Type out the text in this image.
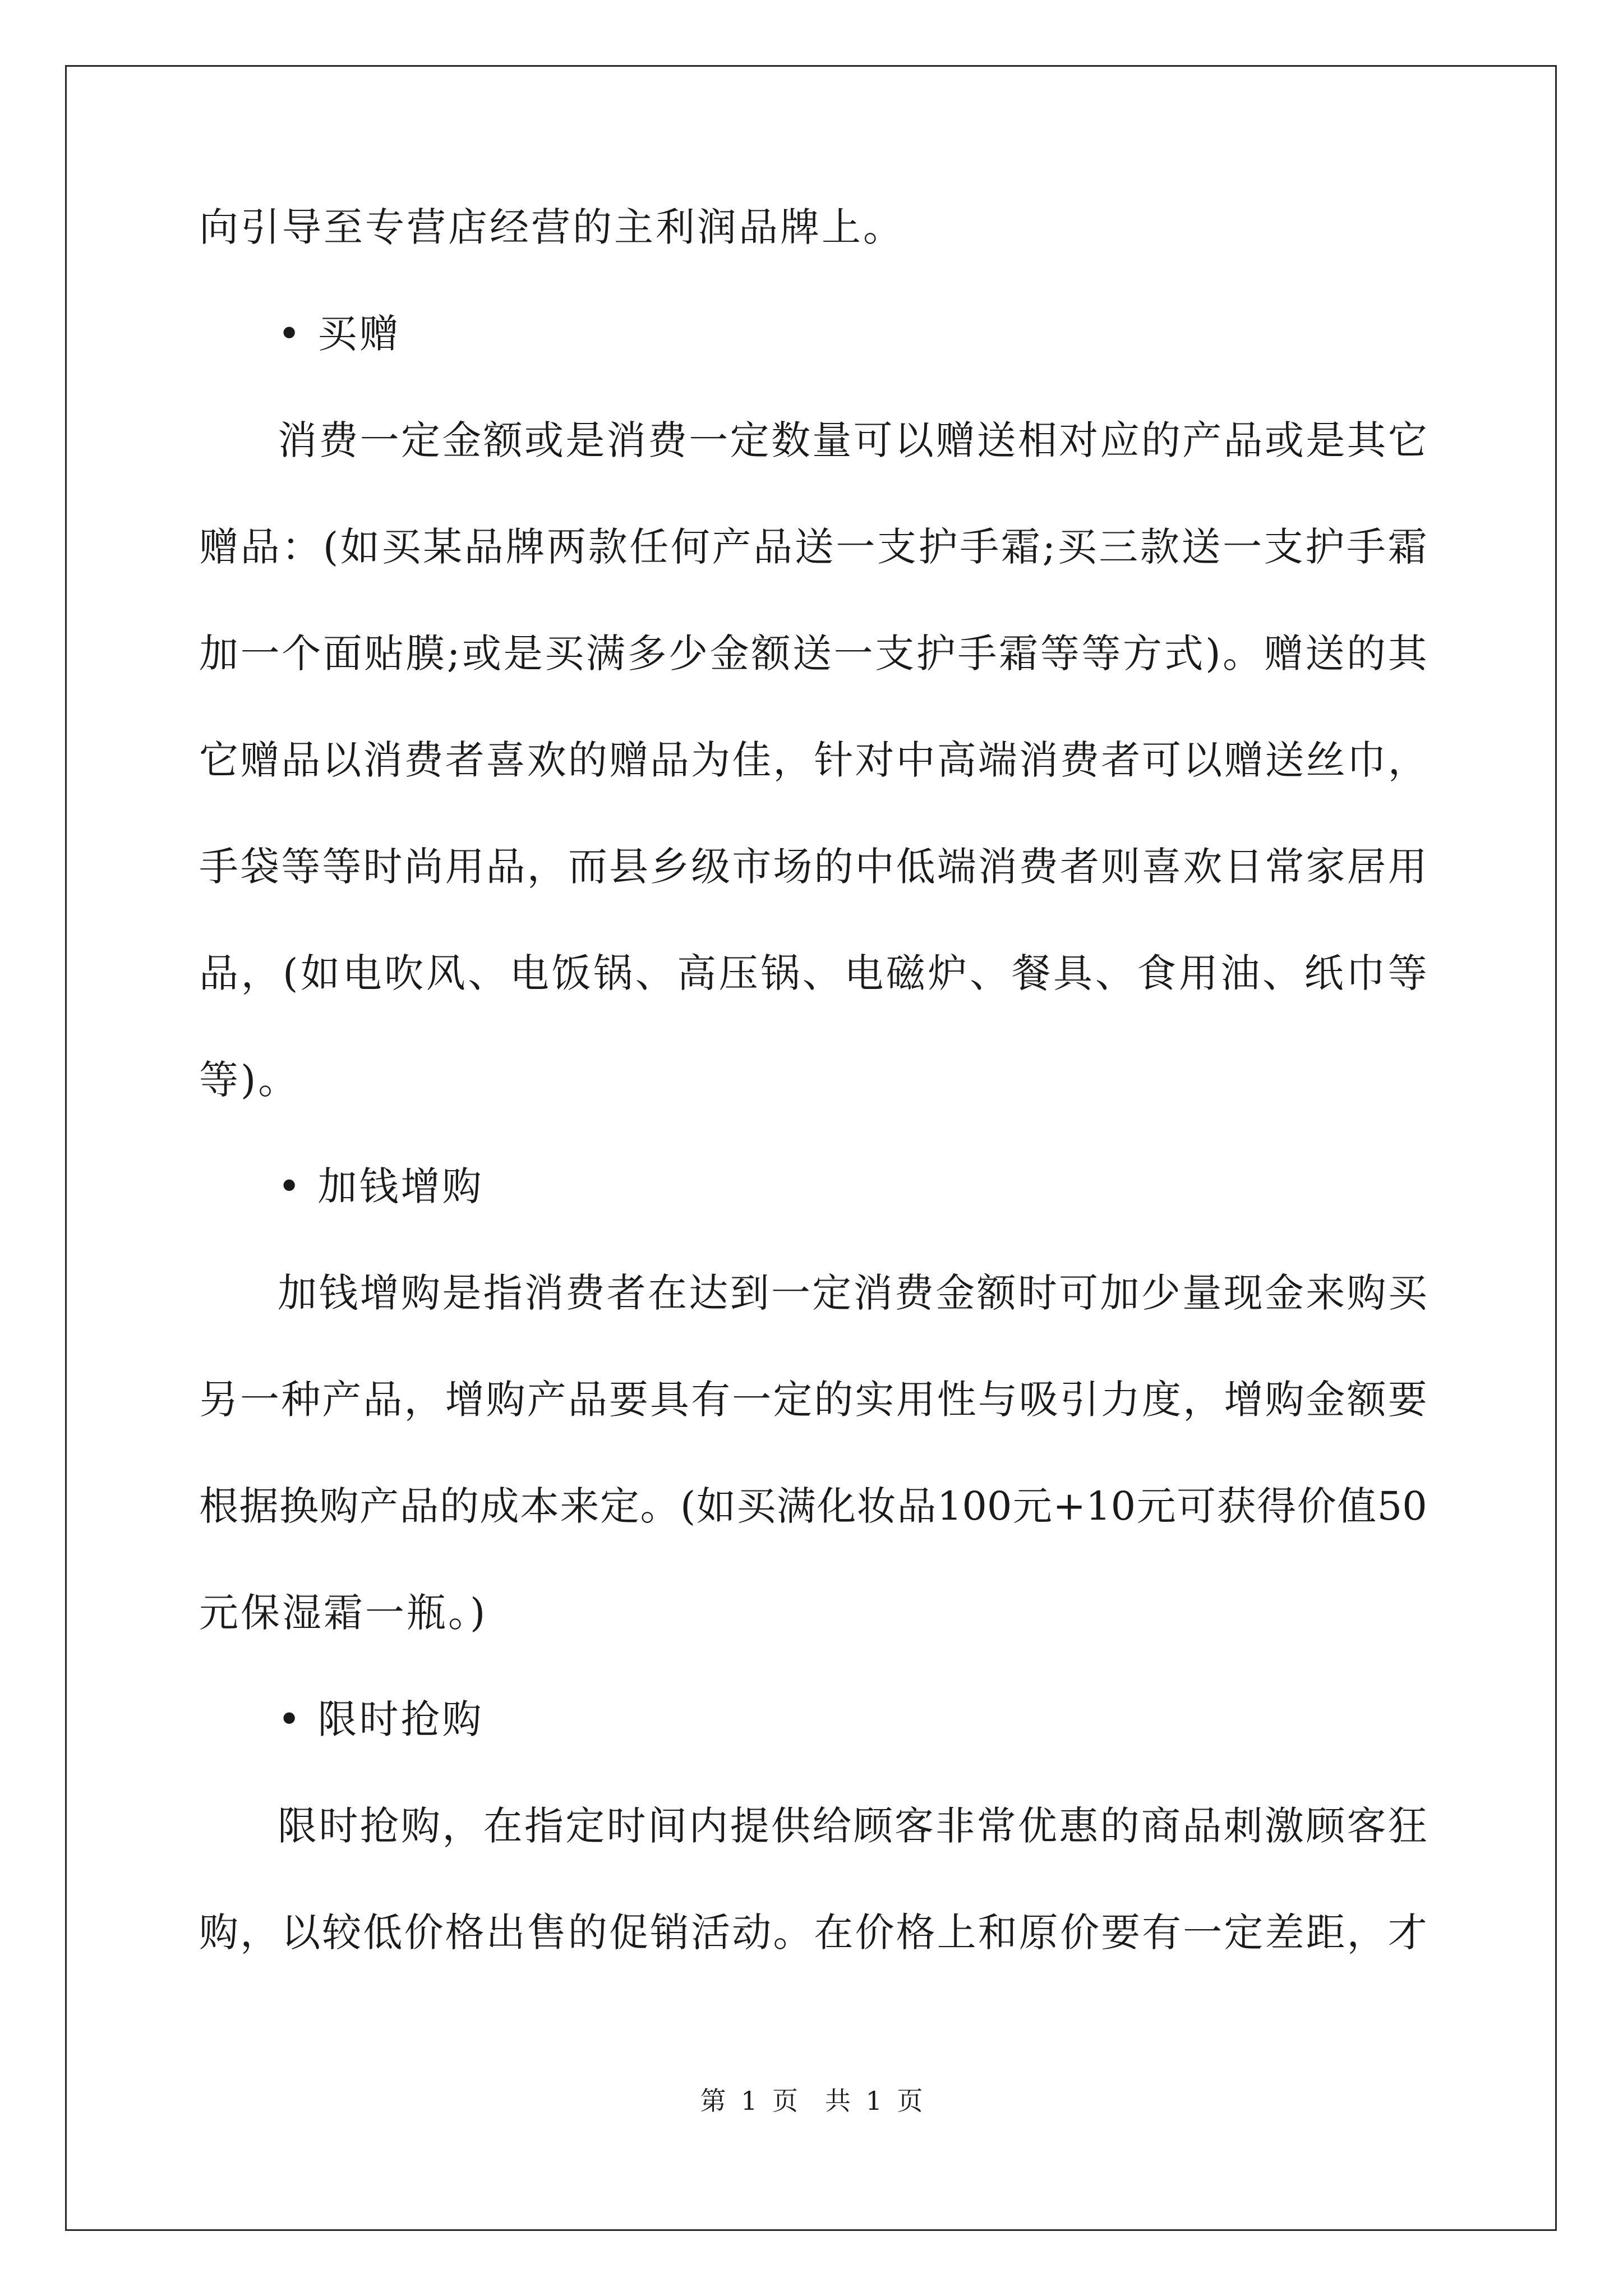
向引导至专营店经营的主利润品牌上。
• 买赠
消 费 一 定 金 额 或 是 消 费 一 定 数 量 可 以 赠 送 相 对 应 的 产 品 或 是 其 它
赠 品 ： ( 如 买 某 品 牌 两 款 任 何 产 品 送 一 支 护 手 霜 ; 买 三 款 送 一 支 护 手 霜
加 一 个 面 贴 膜 ; 或 是 买 满 多 少 金 额 送 一 支 护 手 霜 等 等 方 式 ) 。 赠 送 的 其
它 赠 品 以 消 费 者 喜 欢 的 赠 品 为 佳 ， 针 对 中 高 端 消 费 者 可 以 赠 送 丝 巾 ，
手 袋 等 等 时 尚 用 品 ， 而 县 乡 级 市 场 的 中 低 端 消 费 者 则 喜 欢 日 常 家 居 用
品 ， ( 如 电 吹 风 、 电 饭 锅 、 高 压 锅 、 电 磁 炉 、 餐 具 、 食 用 油 、 纸 巾 等
等)。
• 加钱增购
加 钱 增 购 是 指 消 费 者 在 达 到 一 定 消 费 金 额 时 可 加 少 量 现 金 来 购 买
另 一 种 产 品 ， 增 购 产 品 要 具 有 一 定 的 实 用 性 与 吸 引 力 度 ， 增 购 金 额 要
根 据 换 购 产 品 的 成 本 来 定 。 ( 如 买 满 化 妆 品 100 元 +10 元 可 获 得 价 值 50
元保湿霜一瓶。)
• 限时抢购
限 时 抢 购 ， 在 指 定 时 间 内 提 供 给 顾 客 非 常 优 惠 的 商 品 刺 激 顾 客 狂
购 ， 以 较 低 价 格 出 售 的 促 销 活 动 。 在 价 格 上 和 原 价 要 有 一 定 差 距 ， 才
第 1 页 共 1 页
